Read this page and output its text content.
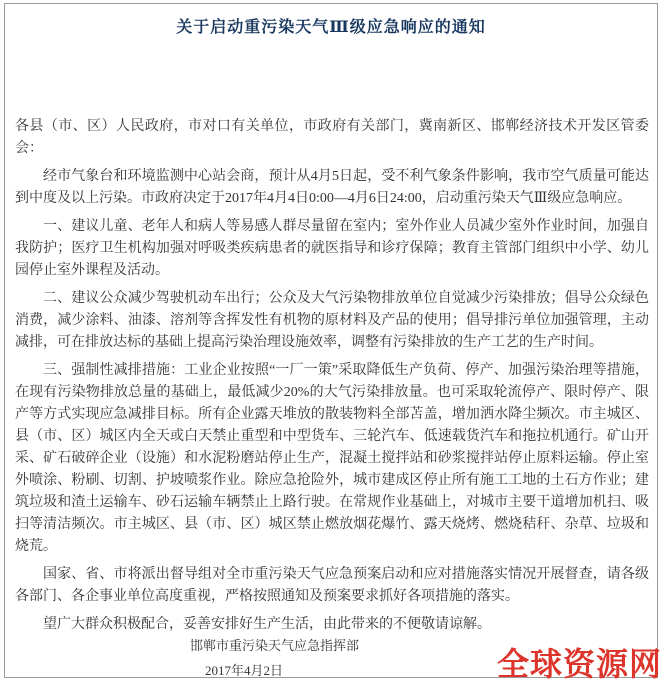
关于启动重污染天气Ⅲ级应急响应的通知

各县（市、区）人民政府，市对口有关单位，市政府有关部门，冀南新区、邯郸经济技术开发区管委会：

经市气象台和环境监测中心站会商，预计从4月5日起，受不利气象条件影响，我市空气质量可能达到中度及以上污染。市政府决定于2017年4月4日0:00—4月6日24:00，启动重污染天气Ⅲ级应急响应。

一、建议儿童、老年人和病人等易感人群尽量留在室内；室外作业人员减少室外作业时间，加强自我防护；医疗卫生机构加强对呼吸类疾病患者的就医指导和诊疗保障；教育主管部门组织中小学、幼儿园停止室外课程及活动。

二、建议公众减少驾驶机动车出行；公众及大气污染物排放单位自觉减少污染排放；倡导公众绿色消费，减少涂料、油漆、溶剂等含挥发性有机物的原材料及产品的使用；倡导排污单位加强管理，主动减排，可在排放达标的基础上提高污染治理设施效率，调整有污染排放的生产工艺的生产时间。

三、强制性减排措施：工业企业按照“一厂一策”采取降低生产负荷、停产、加强污染治理等措施，在现有污染物排放总量的基础上，最低减少20%的大气污染排放量。也可采取轮流停产、限时停产、限产等方式实现应急减排目标。所有企业露天堆放的散装物料全部苫盖，增加洒水降尘频次。市主城区、县（市、区）城区内全天或白天禁止重型和中型货车、三轮汽车、低速载货汽车和拖拉机通行。矿山开采、矿石破碎企业（设施）和水泥粉磨站停止生产，混凝土搅拌站和砂浆搅拌站停止原料运输。停止室外喷涂、粉刷、切割、护坡喷浆作业。除应急抢险外，城市建成区停止所有施工工地的土石方作业；建筑垃圾和渣土运输车、砂石运输车辆禁止上路行驶。在常规作业基础上，对城市主要干道增加机扫、吸扫等清洁频次。市主城区、县（市、区）城区禁止燃放烟花爆竹、露天烧烤、燃烧秸秆、杂草、垃圾和烧荒。

国家、省、市将派出督导组对全市重污染天气应急预案启动和应对措施落实情况开展督查，请各级各部门、各企事业单位高度重视，严格按照通知及预案要求抓好各项措施的落实。

望广大群众积极配合，妥善安排好生产生活，由此带来的不便敬请谅解。

邯郸市重污染天气应急指挥部
2017年4月2日	全球资源网
